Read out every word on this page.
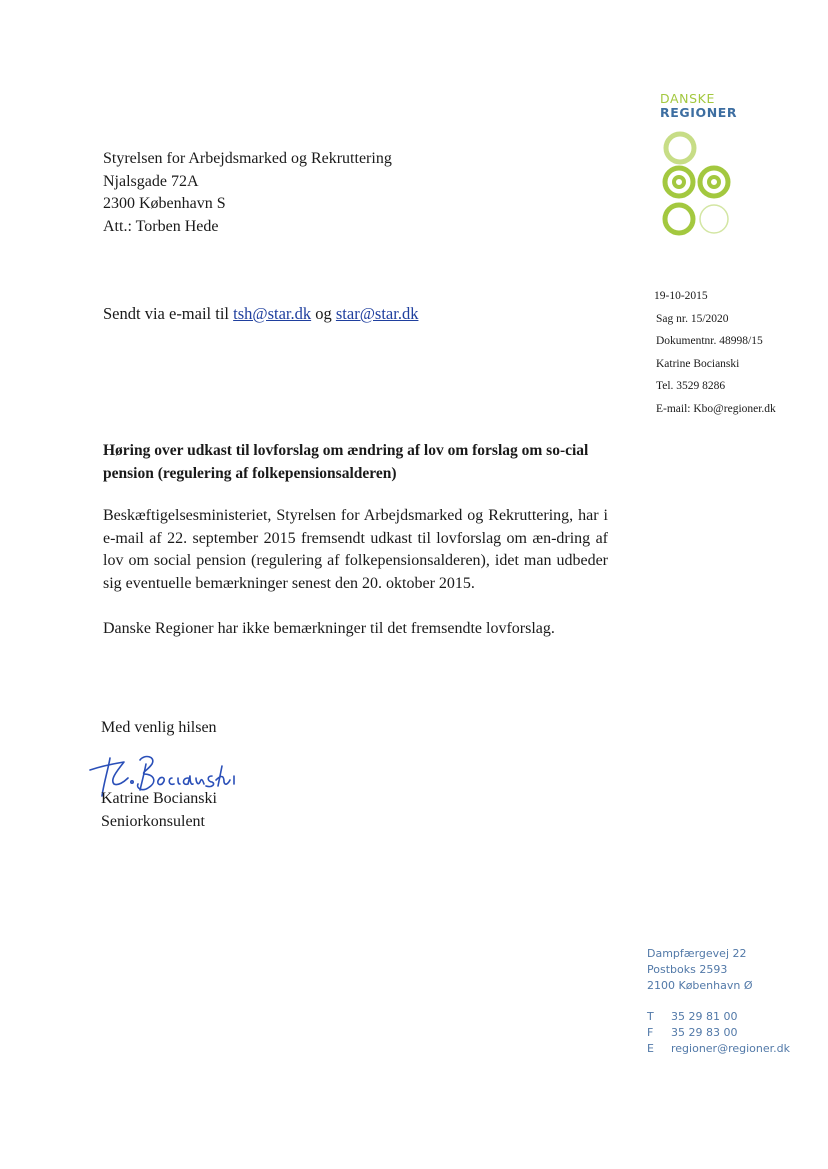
DANSKE
REGIONER
Styrelsen for Arbejdsmarked og Rekruttering
Njalsgade 72A
2300 København S
Att.: Torben Hede
Sendt via e-mail til tsh@star.dk og star@star.dk
19-10-2015
Sag nr. 15/2020
Dokumentnr. 48998/15
Katrine Bocianski
Tel. 3529 8286
E-mail: Kbo@regioner.dk
Høring over udkast til lovforslag om ændring af lov om forslag om so-cial pension (regulering af folkepensionsalderen)
Beskæftigelsesministeriet, Styrelsen for Arbejdsmarked og Rekruttering, har i e-mail af 22. september 2015 fremsendt udkast til lovforslag om æn-dring af lov om social pension (regulering af folkepensionsalderen), idet man udbeder sig eventuelle bemærkninger senest den 20. oktober 2015.
Danske Regioner har ikke bemærkninger til det fremsendte lovforslag.
Med venlig hilsen
Katrine Bocianski
Seniorkonsulent
Dampfærgevej 22
Postboks 2593
2100 København Ø
T 35 29 81 00
F 35 29 83 00
E regioner@regioner.dk
